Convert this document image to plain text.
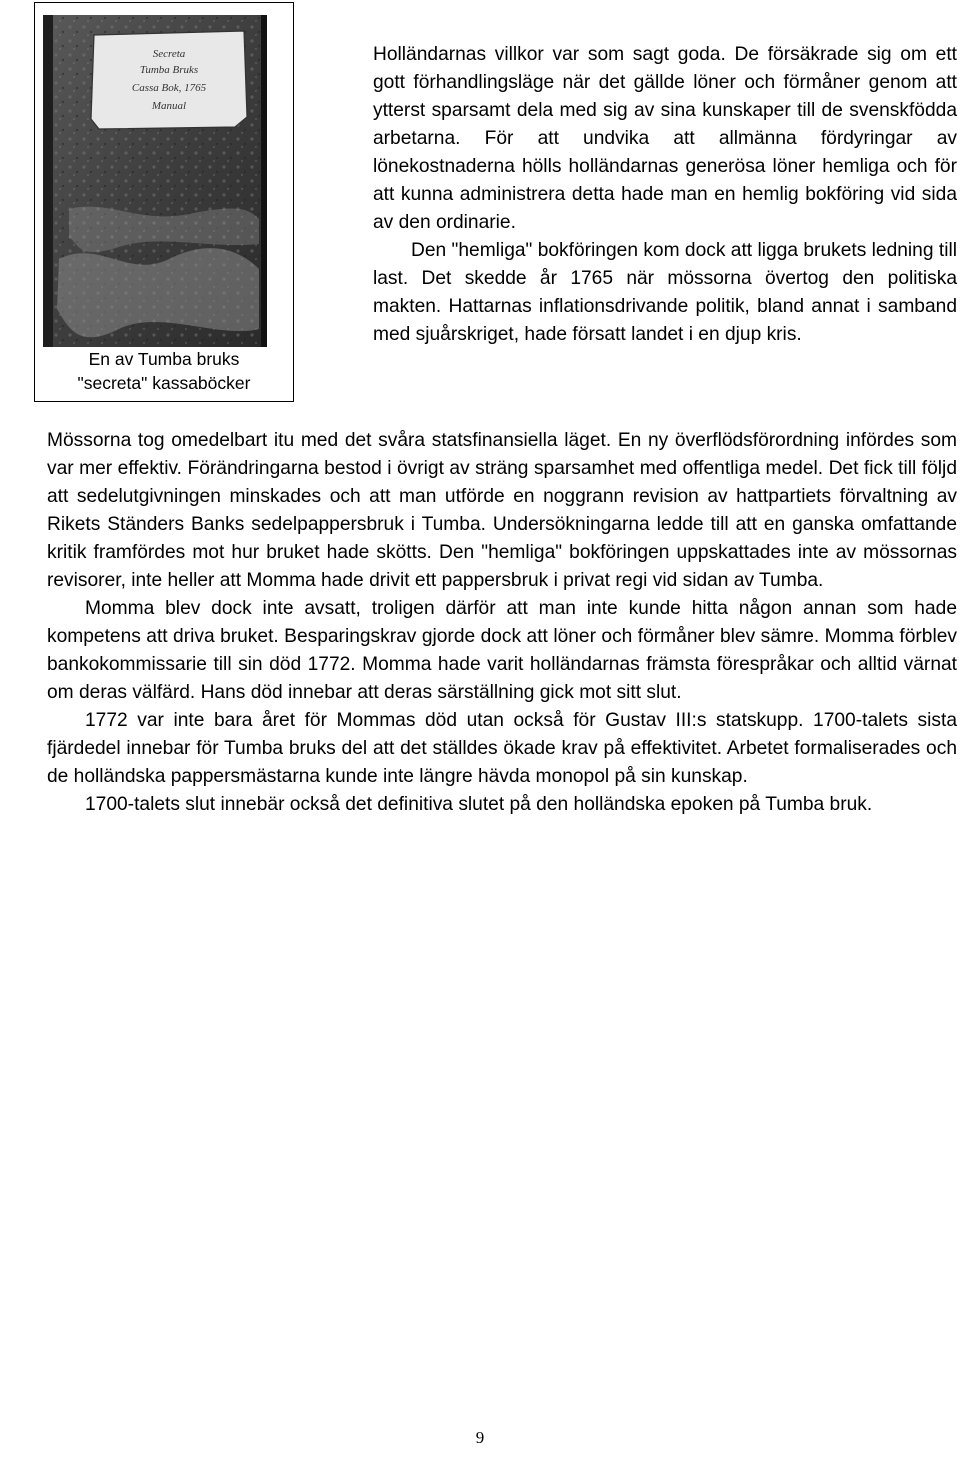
Secreta
Tumba Bruks
Cassa Bok, 1765
Manual
En av Tumba bruks
"secreta" kassaböcker

Holländarnas villkor var som sagt goda. De försäkrade sig om ett gott förhandlingsläge när det gällde löner och förmåner genom att ytterst sparsamt dela med sig av sina kunskaper till de svenskfödda arbetarna. För att undvika att allmänna fördyringar av lönekostnaderna hölls holländarnas generösa löner hemliga och för att kunna administrera detta hade man en hemlig bokföring vid sida av den ordinarie.

Den "hemliga" bokföringen kom dock att ligga brukets ledning till last. Det skedde år 1765 när mössorna övertog den politiska makten. Hattarnas inflationsdrivande politik, bland annat i samband med sjuårskriget, hade försatt landet i en djup kris.

Mössorna tog omedelbart itu med det svåra statsfinansiella läget. En ny överflödsförordning infördes som var mer effektiv. Förändringarna bestod i övrigt av sträng sparsamhet med offentliga medel. Det fick till följd att sedelutgivningen minskades och att man utförde en noggrann revision av hattpartiets förvaltning av Rikets Ständers Banks sedelpappersbruk i Tumba. Undersökningarna ledde till att en ganska omfattande kritik framfördes mot hur bruket hade skötts. Den "hemliga" bokföringen uppskattades inte av mössornas revisorer, inte heller att Momma hade drivit ett pappersbruk i privat regi vid sidan av Tumba.

Momma blev dock inte avsatt, troligen därför att man inte kunde hitta någon annan som hade kompetens att driva bruket. Besparingskrav gjorde dock att löner och förmåner blev sämre. Momma förblev bankokommissarie till sin död 1772. Momma hade varit holländarnas främsta förespråkar och alltid värnat om deras välfärd. Hans död innebar att deras särställning gick mot sitt slut.

1772 var inte bara året för Mommas död utan också för Gustav III:s statskupp. 1700-talets sista fjärdedel innebar för Tumba bruks del att det ställdes ökade krav på effektivitet. Arbetet formaliserades och de holländska pappersmästarna kunde inte längre hävda monopol på sin kunskap.

1700-talets slut innebär också det definitiva slutet på den holländska epoken på Tumba bruk.

9
